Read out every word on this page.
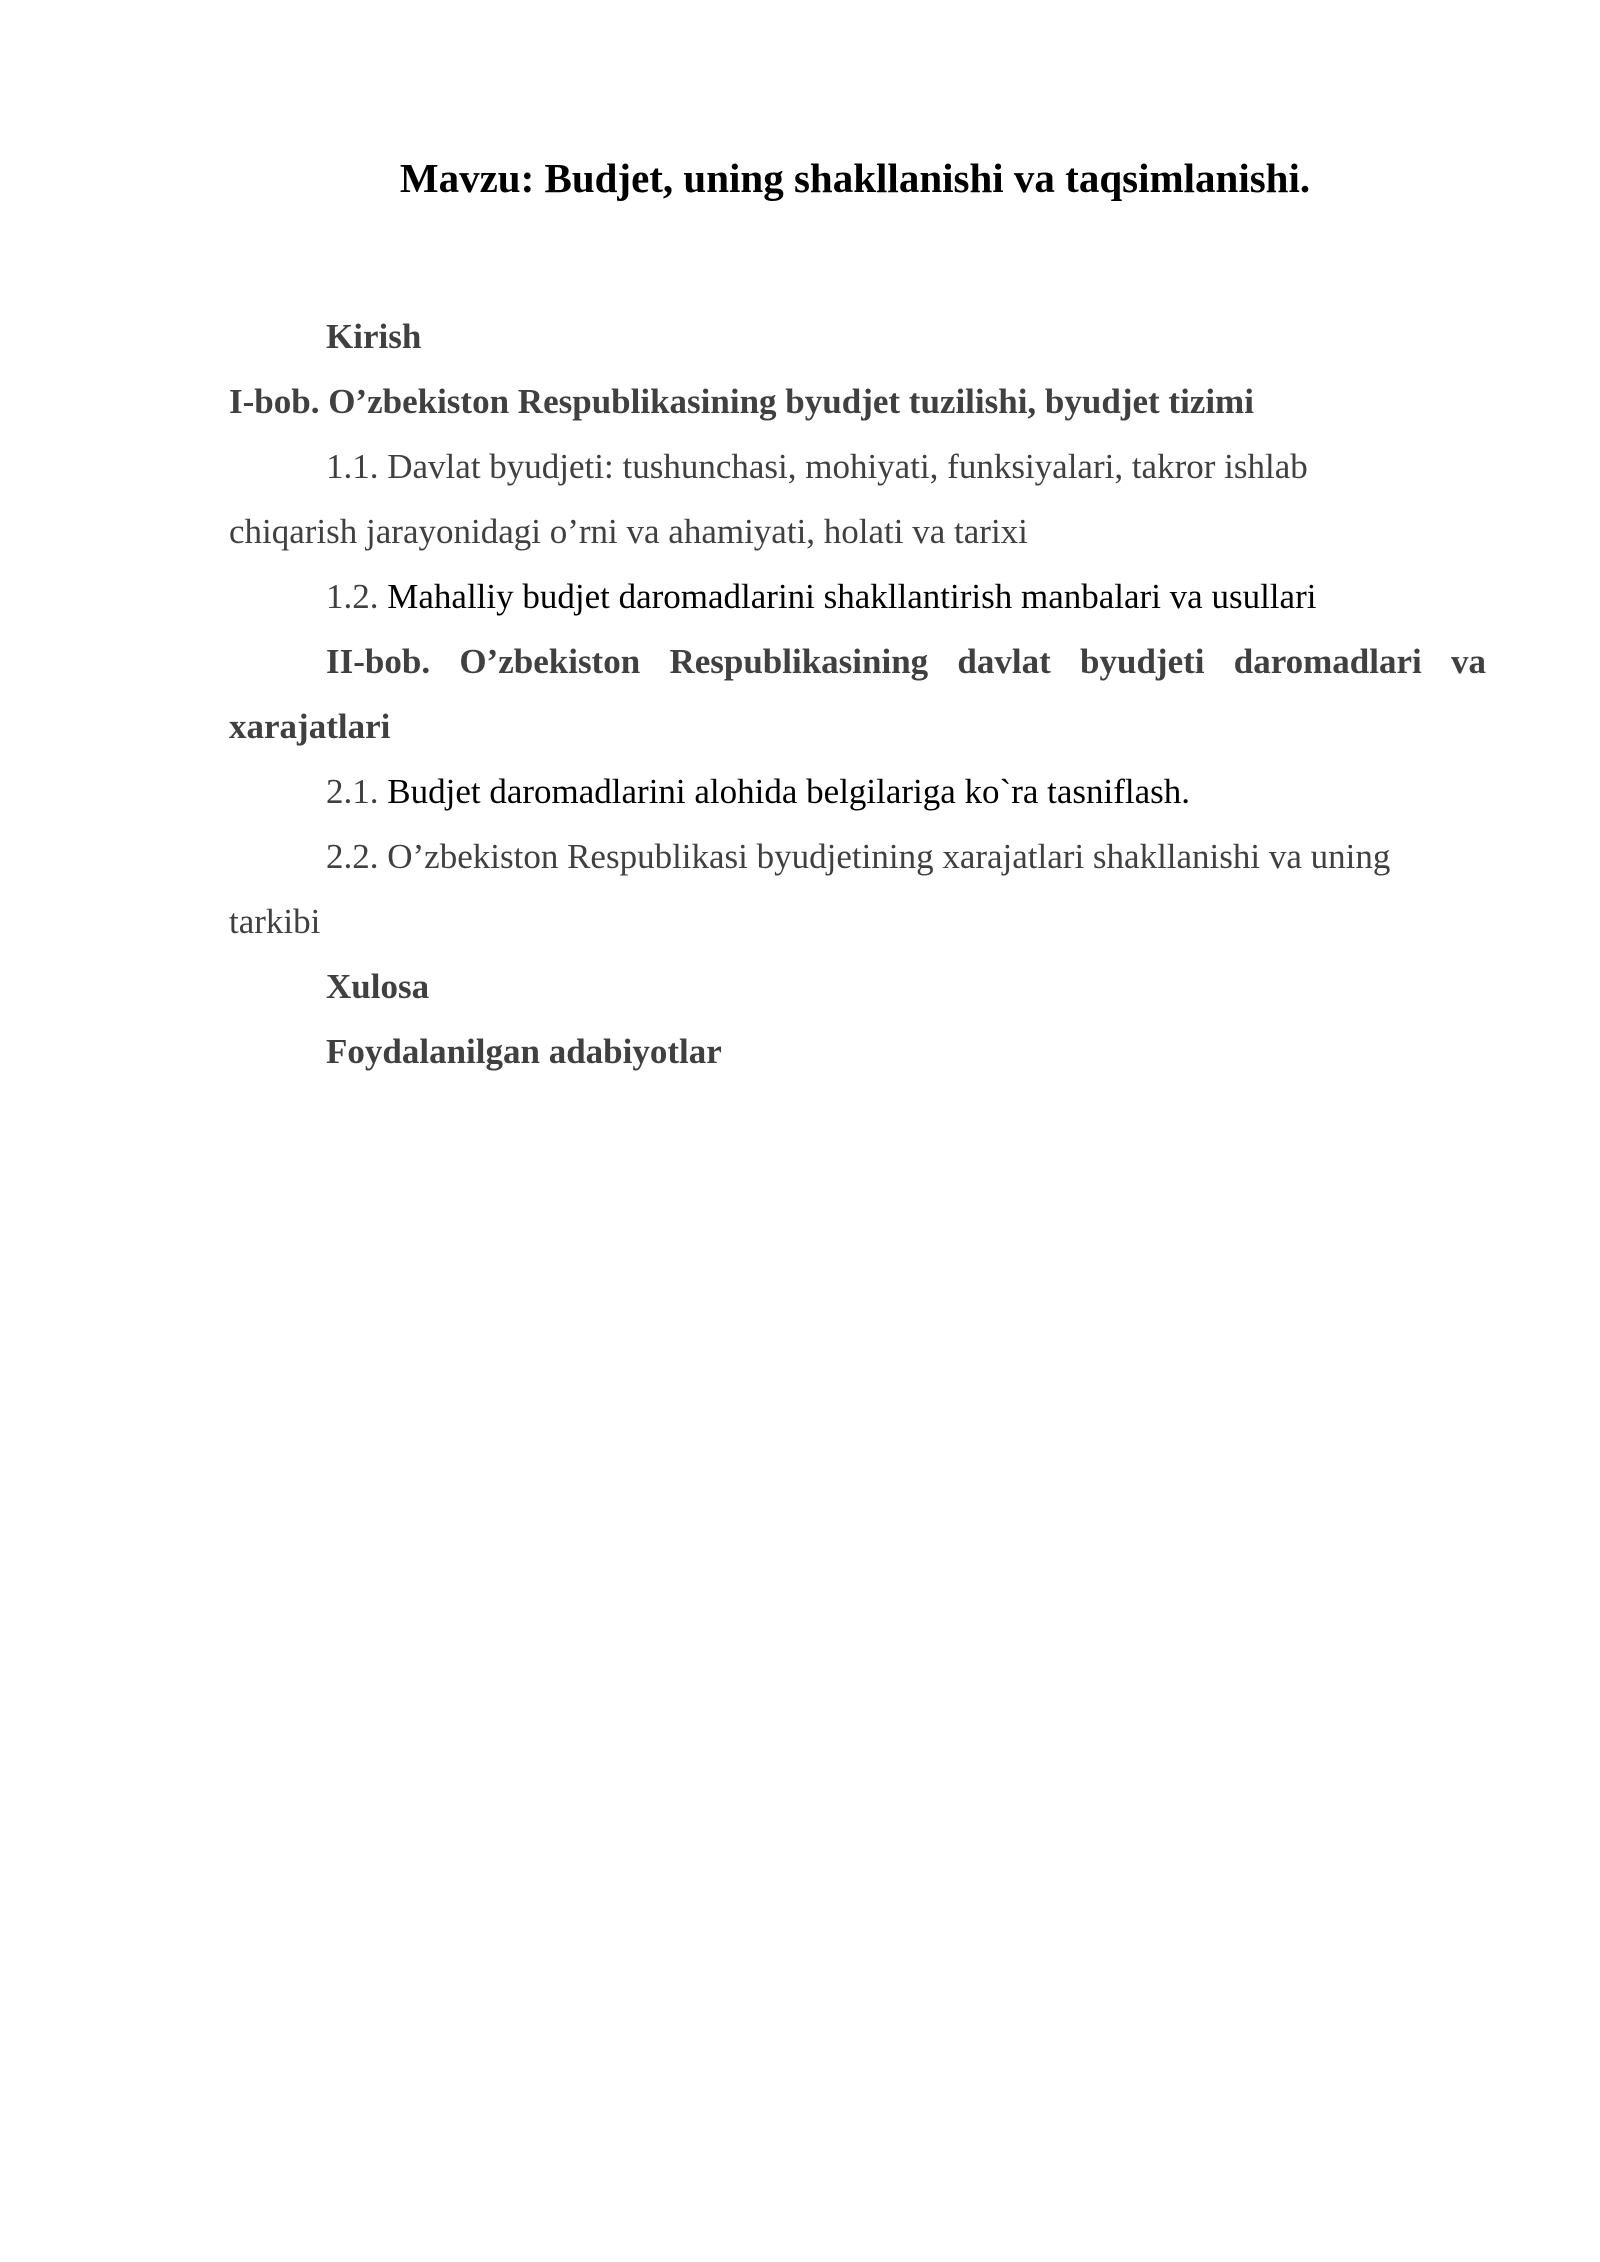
Mavzu: Budjet, uning shakllanishi va taqsimlanishi.

Kirish

I-bob. O’zbekiston Respublikasining byudjet tuzilishi, byudjet tizimi

1.1. Davlat byudjeti: tushunchasi, mohiyati, funksiyalari, takror ishlab

chiqarish jarayonidagi o’rni va ahamiyati, holati va tarixi

1.2. Mahalliy budjet daromadlarini shakllantirish manbalari va usullari

II-bob. O’zbekiston Respublikasining davlat byudjeti daromadlari va

xarajatlari

2.1. Budjet daromadlarini alohida belgilariga ko`ra tasniflash.

2.2. O’zbekiston Respublikasi byudjetining xarajatlari shakllanishi va uning

tarkibi

Xulosa

Foydalanilgan adabiyotlar
